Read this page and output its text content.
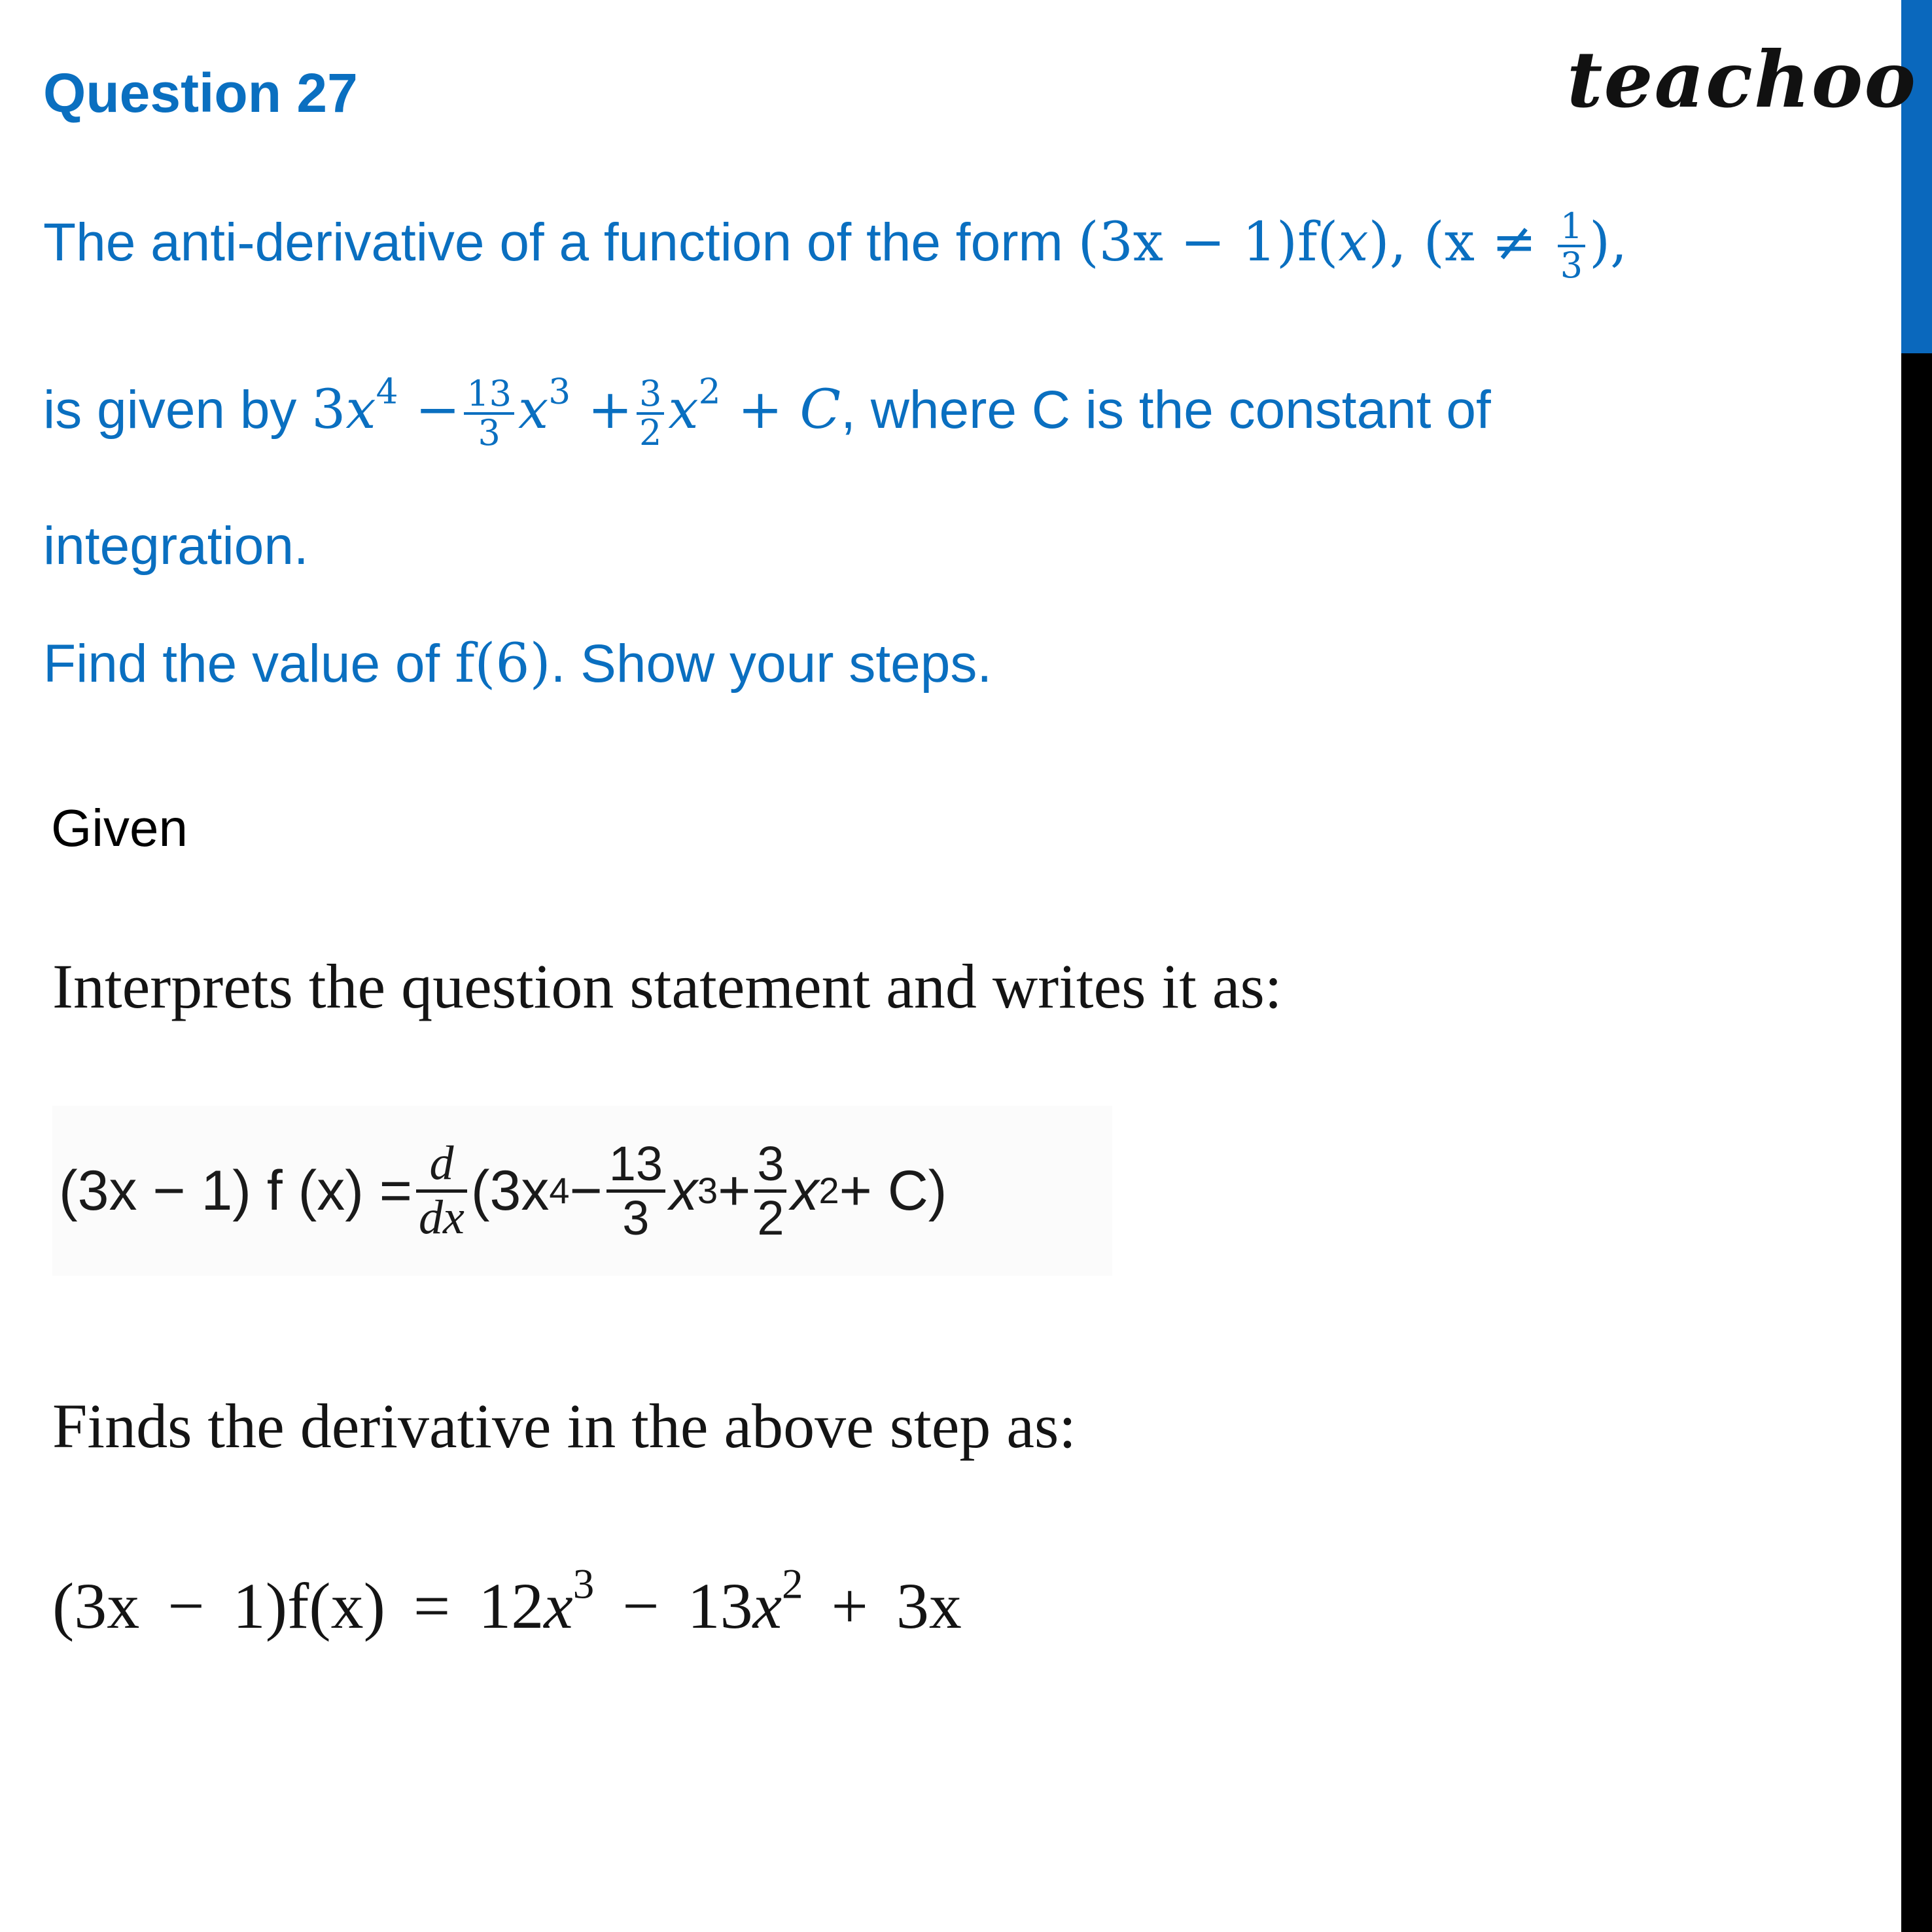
Question 27	teachoo

The anti-derivative of a function of the form (3x − 1)f(x), ($x \ne \frac{1}{3}$ ),

is given by $3x^4 - \frac{13}{3} x^3 + \frac{3}{2} x^2 + C$, where C is the constant of

integration.

Find the value of f(6). Show your steps.

Given

Interprets the question statement and writes it as:

(3x − 1) f $(x) = \frac{d}{dx} (3x$ $4 - \frac{13}{3}$ x $3 + \frac{3}{2}$ x 2 + C)

Finds the derivative in the above step as:

$(3x - 1)f(x) = 12x^3 - 13x^2 + 3x$
